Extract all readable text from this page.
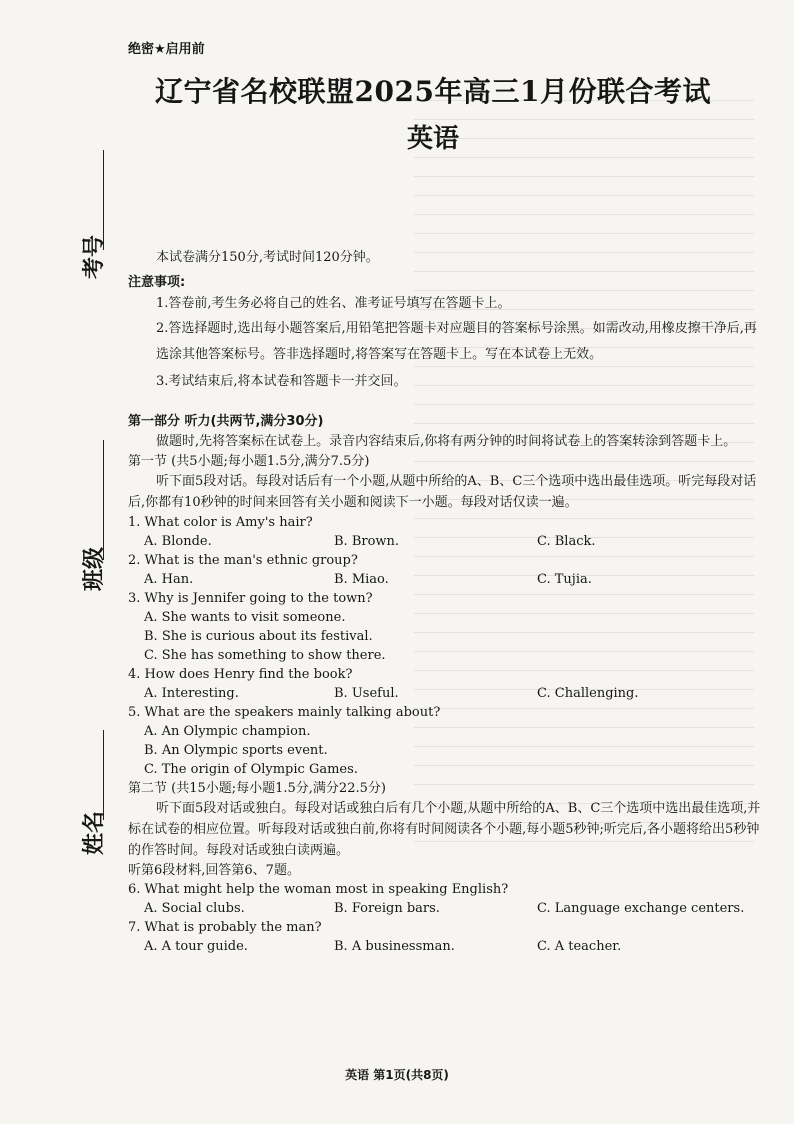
考号
班级
姓名
绝密★启用前
辽宁省名校联盟2025年高三1月份联合考试
英语

本试卷满分150分,考试时间120分钟。

注意事项:

1.答卷前,考生务必将自己的姓名、准考证号填写在答题卡上。

2.答选择题时,选出每小题答案后,用铅笔把答题卡对应题目的答案标号涂黑。如需改动,用橡皮擦干净后,再选涂其他答案标号。答非选择题时,将答案写在答题卡上。写在本试卷上无效。

3.考试结束后,将本试卷和答题卡一并交回。

第一部分 听力(共两节,满分30分)

做题时,先将答案标在试卷上。录音内容结束后,你将有两分钟的时间将试卷上的答案转涂到答题卡上。

第一节 (共5小题;每小题1.5分,满分7.5分)

听下面5段对话。每段对话后有一个小题,从题中所给的A、B、C三个选项中选出最佳选项。听完每段对话后,你都有10秒钟的时间来回答有关小题和阅读下一小题。每段对话仅读一遍。

1. What color is Amy's hair?

A. Blonde.	B. Brown.	C. Black.

2. What is the man's ethnic group?

A. Han.	B. Miao.	C. Tujia.

3. Why is Jennifer going to the town?

A. She wants to visit someone.

B. She is curious about its festival.

C. She has something to show there.

4. How does Henry find the book?

A. Interesting.	B. Useful.	C. Challenging.

5. What are the speakers mainly talking about?

A. An Olympic champion.

B. An Olympic sports event.

C. The origin of Olympic Games.

第二节 (共15小题;每小题1.5分,满分22.5分)

听下面5段对话或独白。每段对话或独白后有几个小题,从题中所给的A、B、C三个选项中选出最佳选项,并标在试卷的相应位置。听每段对话或独白前,你将有时间阅读各个小题,每小题5秒钟;听完后,各小题将给出5秒钟的作答时间。每段对话或独白读两遍。

听第6段材料,回答第6、7题。

6. What might help the woman most in speaking English?

A. Social clubs.	B. Foreign bars.	C. Language exchange centers.

7. What is probably the man?

A. A tour guide.	B. A businessman.	C. A teacher.
英语 第1页(共8页)
